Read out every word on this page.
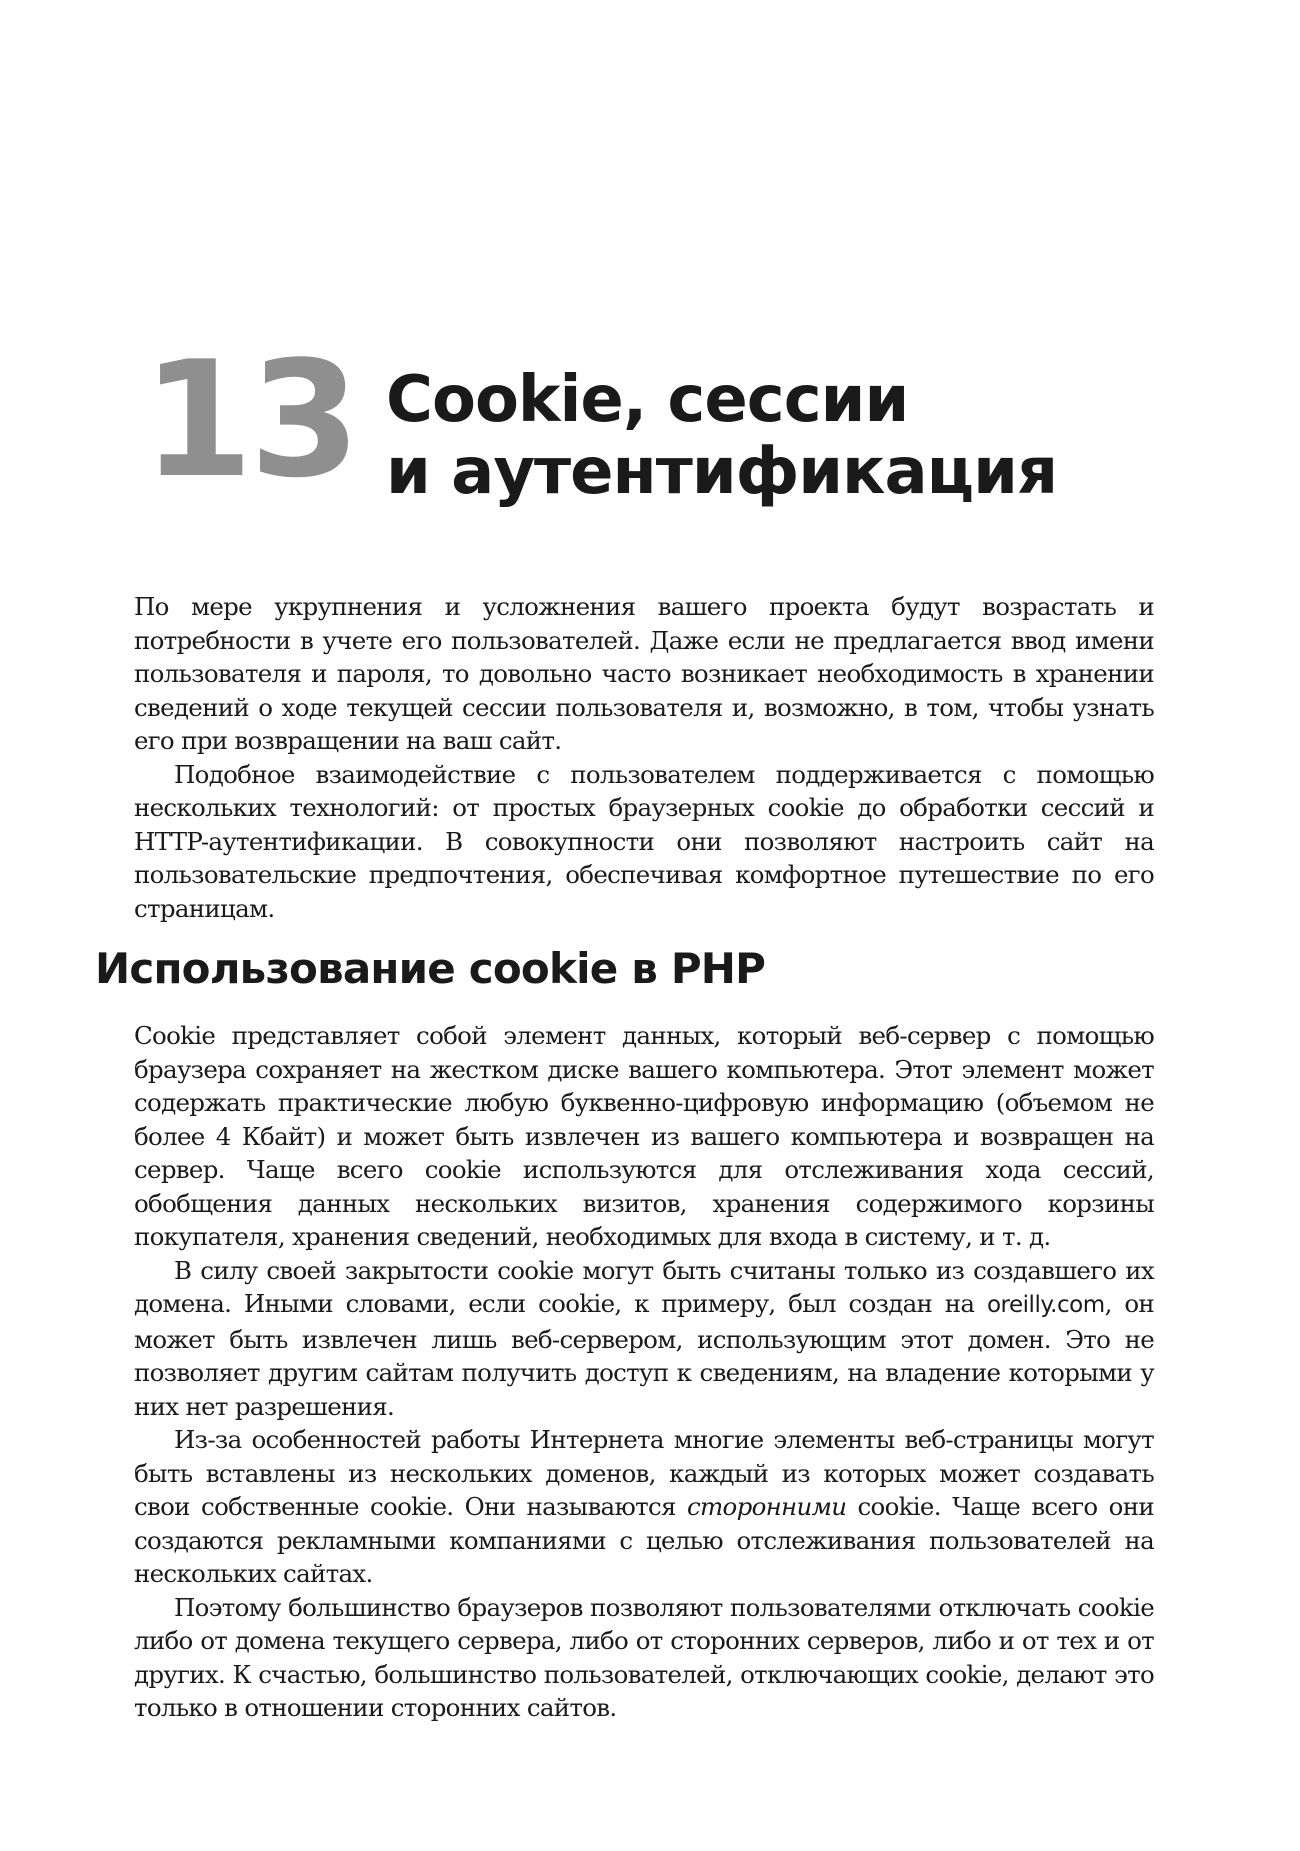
13 Cookie, сессии
и аутентификация

По мере укрупнения и усложнения вашего проекта будут возрастать и потребности в учете его пользователей. Даже если не предлагается ввод имени пользователя и пароля, то довольно часто возникает необходимость в хранении сведений о ходе текущей сессии пользователя и, возможно, в том, чтобы узнать его при возвращении на ваш сайт.

Подобное взаимодействие с пользователем поддерживается с помощью нескольких технологий: от простых браузерных cookie до обработки сессий и HTTP-аутентификации. В совокупности они позволяют настроить сайт на пользовательские предпочтения, обеспечивая комфортное путешествие по его страницам.

Использование cookie в PHP

Cookie представляет собой элемент данных, который веб-сервер с помощью браузера сохраняет на жестком диске вашего компьютера. Этот элемент может содержать практические любую буквенно-цифровую информацию (объемом не более 4 Кбайт) и может быть извлечен из вашего компьютера и возвращен на сервер. Чаще всего cookie используются для отслеживания хода сессий, обобщения данных нескольких визитов, хранения содержимого корзины покупателя, хранения сведений, необходимых для входа в систему, и т. д.

В силу своей закрытости cookie могут быть считаны только из создавшего их домена. Иными словами, если cookie, к примеру, был создан на oreilly.com, он может быть извлечен лишь веб-сервером, использующим этот домен. Это не позволяет другим сайтам получить доступ к сведениям, на владение которыми у них нет разрешения.

Из-за особенностей работы Интернета многие элементы веб-страницы могут быть вставлены из нескольких доменов, каждый из которых может создавать свои собственные cookie. Они называются сторонними cookie. Чаще всего они создаются рекламными компаниями с целью отслеживания пользователей на нескольких сайтах.

Поэтому большинство браузеров позволяют пользователями отключать cookie либо от домена текущего сервера, либо от сторонних серверов, либо и от тех и от других. К счастью, большинство пользователей, отключающих cookie, делают это только в отношении сторонних сайтов.
